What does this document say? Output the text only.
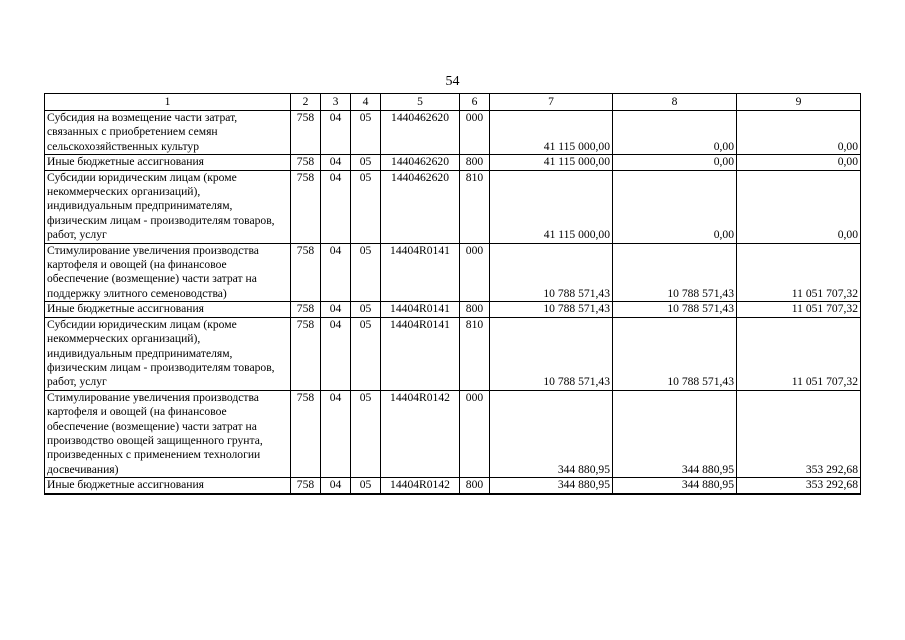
54
1	2	3	4	5	6	7	8	9
Субсидия на возмещение части затрат, связанных с приобретением семян сельскохозяйственных культур	758	04	05	1440462620	000	41 115 000,00	0,00	0,00
Иные бюджетные ассигнования	758	04	05	1440462620	800	41 115 000,00	0,00	0,00
Субсидии юридическим лицам (кроме некоммерческих организаций), индивидуальным предпринимателям, физическим лицам - производителям товаров, работ, услуг	758	04	05	1440462620	810	41 115 000,00	0,00	0,00
Стимулирование увеличения производства картофеля и овощей (на финансовое обеспечение (возмещение) части затрат на поддержку элитного семеноводства)	758	04	05	14404R0141	000	10 788 571,43	10 788 571,43	11 051 707,32
Иные бюджетные ассигнования	758	04	05	14404R0141	800	10 788 571,43	10 788 571,43	11 051 707,32
Субсидии юридическим лицам (кроме некоммерческих организаций), индивидуальным предпринимателям, физическим лицам - производителям товаров, работ, услуг	758	04	05	14404R0141	810	10 788 571,43	10 788 571,43	11 051 707,32
Стимулирование увеличения производства картофеля и овощей (на финансовое обеспечение (возмещение) части затрат на производство овощей защищенного грунта, произведенных с применением технологии досвечивания)	758	04	05	14404R0142	000	344 880,95	344 880,95	353 292,68
Иные бюджетные ассигнования	758	04	05	14404R0142	800	344 880,95	344 880,95	353 292,68
